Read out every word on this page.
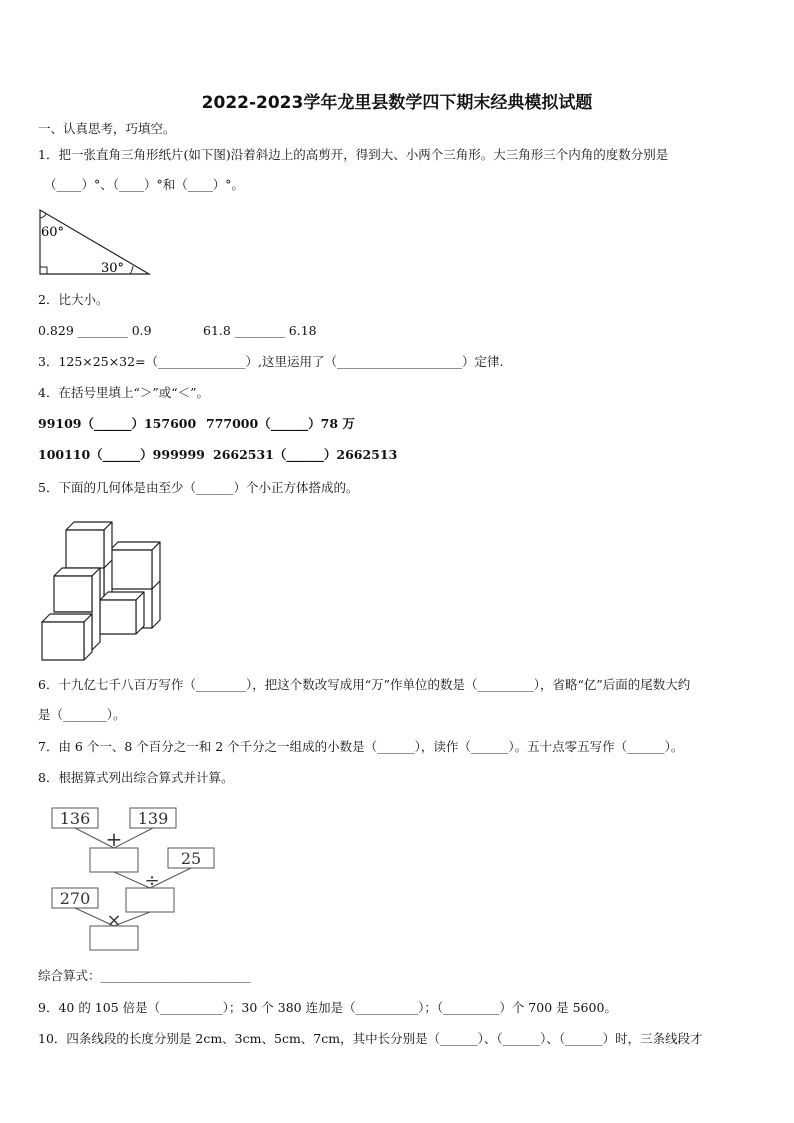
2022-2023学年龙里县数学四下期末经典模拟试题
一、认真思考，巧填空。
1．把一张直角三角形纸片(如下图)沿着斜边上的高剪开，得到大、小两个三角形。大三角形三个内角的度数分别是
（____）°、（____）°和（____）°。
60°
30°
2．比大小。
0.829 ________ 0.9	61.8 ________ 6.18
3．125×25×32=（______________）,这里运用了（____________________）定律.
4．在括号里填上“＞”或“＜”。
99109（______）157600 777000（______）78 万
100110（______）999999 2662531（______）2662513
5．下面的几何体是由至少（______）个小正方体搭成的。
6．十九亿七千八百万写作（________），把这个数改写成用“万”作单位的数是（_________），省略“亿”后面的尾数大约
是（_______）。
7．由 6 个一、8 个百分之一和 2 个千分之一组成的小数是（______），读作（______）。五十点零五写作（______）。
8．根据算式列出综合算式并计算。
136	139
25
270
+
÷
×
综合算式：________________________
9．40 的 105 倍是（__________）；30 个 380 连加是（__________）；（_________）个 700 是 5600。
10．四条线段的长度分别是 2cm、3cm、5cm、7cm，其中长分别是（______）、（______）、（______）时，三条线段才
